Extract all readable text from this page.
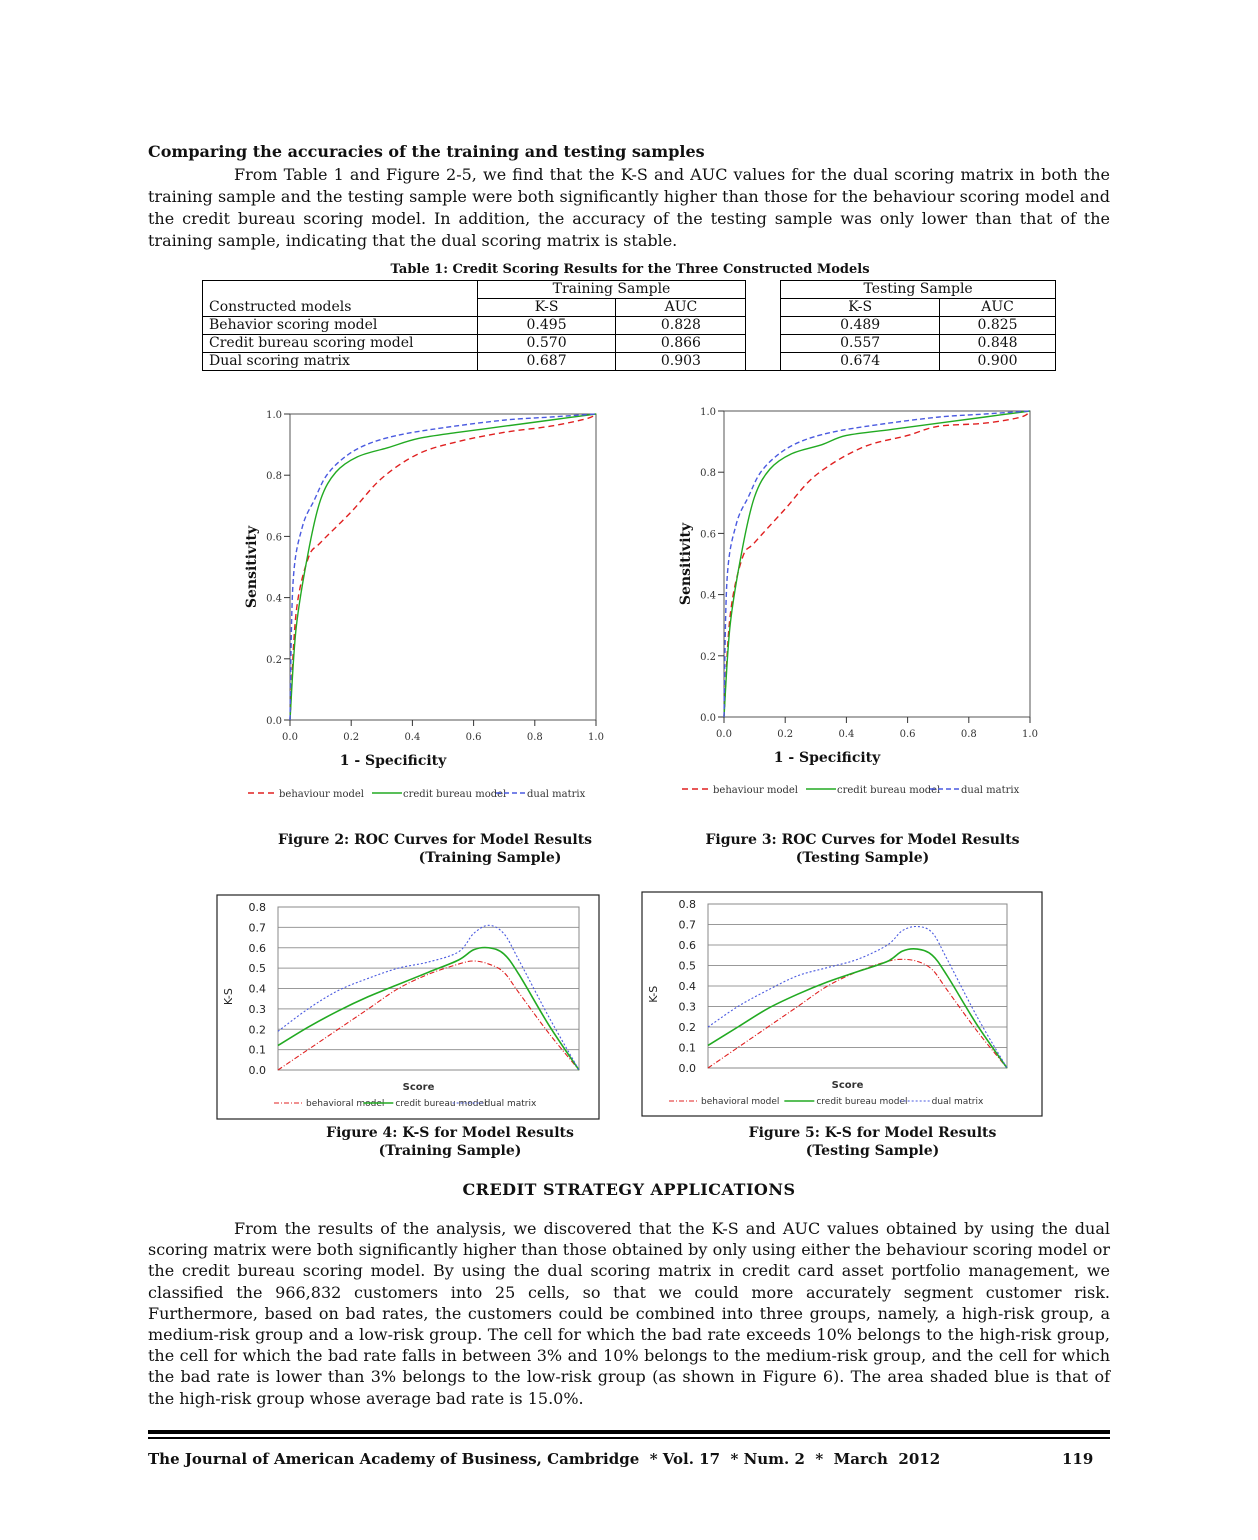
Comparing the accuracies of the training and testing samples

From Table 1 and Figure 2-5, we find that the K-S and AUC values for the dual scoring matrix in both the training sample and the testing sample were both significantly higher than those for the behaviour scoring model and the credit bureau scoring model. In addition, the accuracy of the testing sample was only lower than that of the training sample, indicating that the dual scoring matrix is stable.

Table 1: Credit Scoring Results for the Three Constructed Models
	Training Sample			Testing Sample	
Constructed models	K-S	AUC		K-S	AUC
Behavior scoring model	0.495	0.828		0.489	0.825
Credit bureau scoring model	0.570	0.866		0.557	0.848
Dual scoring matrix	0.687	0.903		0.674	0.900
0.0
0.0
0.2
0.2
0.4
0.4
0.6
0.6
0.8
0.8
1.0
1.0
1 - Specificity
Sensitivity
behaviour model	credit bureau model dual matrix
0.0
0.0
0.2
0.2
0.4
0.4
0.6
0.6
0.8
0.8
1.0
1.0
1 - Specificity
Sensitivity
behaviour model	credit bureau model dual matrix
Figure 2: ROC Curves for Model Results
(Training Sample)
Figure 3: ROC Curves for Model Results
(Testing Sample)
0.0
0.1
0.2
0.3
0.4
0.5
0.6
0.7
0.8
Score
K-S
behavioral model credit bureau model
dual matrix
0.0
0.1
0.2
0.3
0.4
0.5
0.6
0.7
0.8
Score
K-S
behavioral model	credit bureau model	dual matrix
Figure 4: K-S for Model Results
(Training Sample)
Figure 5: K-S for Model Results
(Testing Sample)
CREDIT STRATEGY APPLICATIONS

From the results of the analysis, we discovered that the K-S and AUC values obtained by using the dual scoring matrix were both significantly higher than those obtained by only using either the behaviour scoring model or the credit bureau scoring model. By using the dual scoring matrix in credit card asset portfolio management, we classified the 966,832 customers into 25 cells, so that we could more accurately segment customer risk. Furthermore, based on bad rates, the customers could be combined into three groups, namely, a high-risk group, a medium-risk group and a low-risk group. The cell for which the bad rate exceeds 10% belongs to the high-risk group, the cell for which the bad rate falls in between 3% and 10% belongs to the medium-risk group, and the cell for which the bad rate is lower than 3% belongs to the low-risk group (as shown in Figure 6). The area shaded blue is that of the high-risk group whose average bad rate is 15.0%.

The Journal of American Academy of Business, Cambridge  * Vol. 17  * Num. 2  *  March  2012	119
